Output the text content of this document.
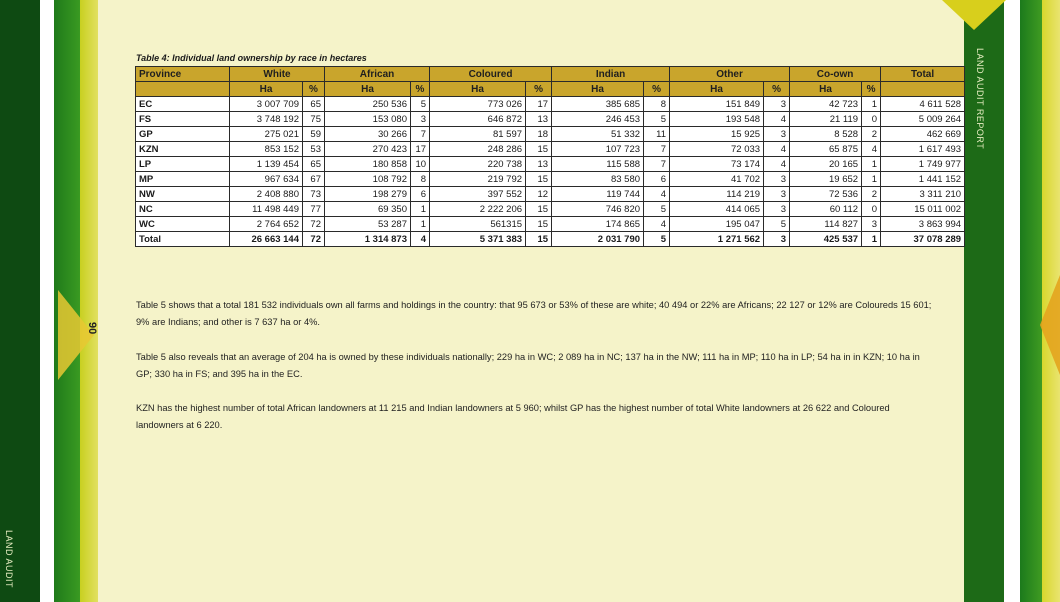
LAND AUDIT REPORT
LAND AUDIT
90
Table 4: Individual land ownership by race in hectares
Province	White		African		Coloured		Indian		Other		Co-own		Total
	Ha	%	Ha	%	Ha	%	Ha	%	Ha	%	Ha	%	
EC	3 007 709	65	250 536	5	773 026	17	385 685	8	151 849	3	42 723	1	4 611 528
FS	3 748 192	75	153 080	3	646 872	13	246 453	5	193 548	4	21 119	0	5 009 264
GP	275 021	59	30 266	7	81 597	18	51 332	11	15 925	3	8 528	2	462 669
KZN	853 152	53	270 423	17	248 286	15	107 723	7	72 033	4	65 875	4	1 617 493
LP	1 139 454	65	180 858	10	220 738	13	115 588	7	73 174	4	20 165	1	1 749 977
MP	967 634	67	108 792	8	219 792	15	83 580	6	41 702	3	19 652	1	1 441 152
NW	2 408 880	73	198 279	6	397 552	12	119 744	4	114 219	3	72 536	2	3 311 210
NC	11 498 449	77	69 350	1	2 222 206	15	746 820	5	414 065	3	60 112	0	15 011 002
WC	2 764 652	72	53 287	1	561315	15	174 865	4	195 047	5	114 827	3	3 863 994
Total	26 663 144	72	1 314 873	4	5 371 383	15	2 031 790	5	1 271 562	3	425 537	1	37 078 289

Table 5 shows that a total 181 532 individuals own all farms and holdings in the country: that 95 673 or 53% of these are white; 40 494 or 22% are Africans; 22 127 or 12% are Coloureds 15 601; 9% are Indians; and other is 7 637 ha or 4%.

Table 5 also reveals that an average of 204 ha is owned by these individuals nationally; 229 ha in WC; 2 089 ha in NC; 137 ha in the NW; 111 ha in MP; 110 ha in LP; 54 ha in in KZN; 10 ha in GP; 330 ha in FS; and 395 ha in the EC.

KZN has the highest number of total African landowners at 11 215 and Indian landowners at 5 960; whilst GP has the highest number of total White landowners at 26 622 and Coloured landowners at 6 220.
